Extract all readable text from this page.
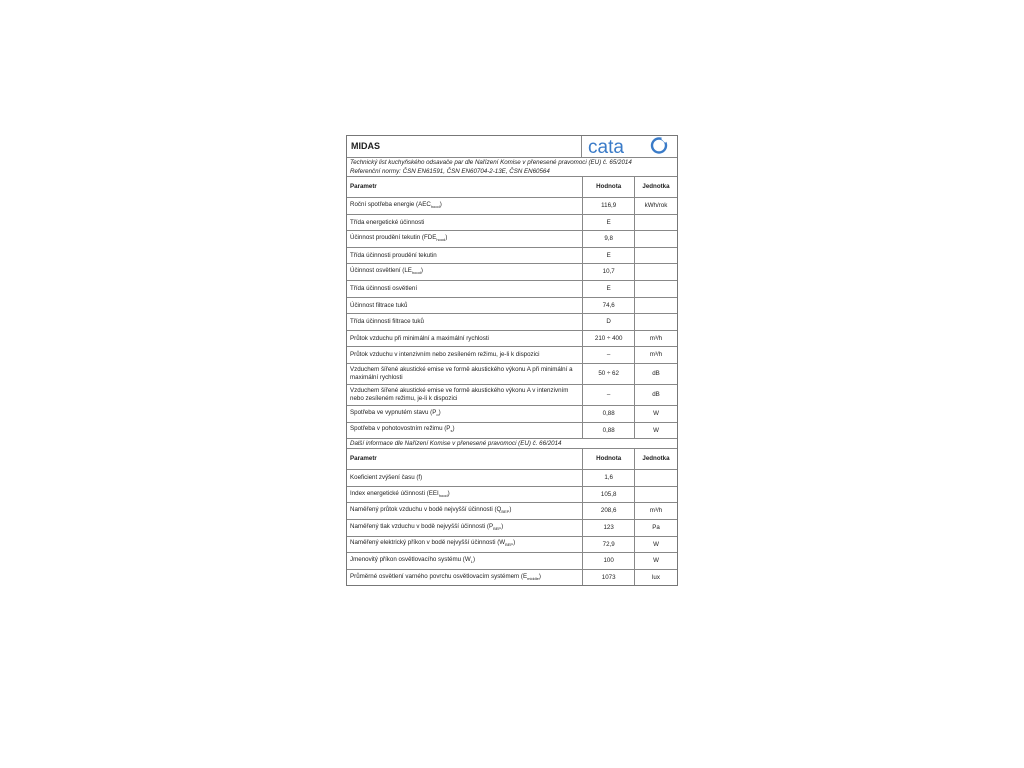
MIDAS	cata
Technický list kuchyňského odsavače par dle Nařízení Komise v přenesené pravomoci (EU) č. 65/2014
Referenční normy: ČSN EN61591, ČSN EN60704-2-13E, ČSN EN60564
Parametr	Hodnota	Jednotka
Roční spotřeba energie $(AEC_{hood})$	116,9	kWh/rok
Třída energetické účinnosti	E	
Účinnost proudění tekutin $(FDE_{hood})$	9,8	
Třída účinnosti proudění tekutin	E	
Účinnost osvětlení $(LE_{hood})$	10,7	
Třída účinnosti osvětlení	E	
Účinnost filtrace tuků	74,6	
Třída účinnosti filtrace tuků	D	
Průtok vzduchu při minimální a maximální rychlosti	210 ÷ 400	m³/h
Průtok vzduchu v intenzivním nebo zesíleném režimu, je-li k dispozici	–	m³/h
Vzduchem šířené akustické emise ve formě akustického výkonu A při minimální a maximální rychlosti	50 ÷ 62	dB
Vzduchem šířené akustické emise ve formě akustického výkonu A v intenzivním nebo zesíleném režimu, je-li k dispozici	–	dB
Spotřeba ve vypnutém stavu $(P_o)$	0,88	W
Spotřeba v pohotovostním režimu $(P_s)$	0,88	W
Další informace dle Nařízení Komise v přenesené pravomoci (EU) č. 66/2014
Parametr	Hodnota	Jednotka
Koeficient zvýšení času (f)	1,6	
Index energetické účinnosti $(EEI_{hood})$	105,8	
Naměřený průtok vzduchu v bodě nejvyšší účinnosti $(Q_{BEP})$	208,6	m³/h
Naměřený tlak vzduchu v bodě nejvyšší účinnosti $(P_{BEP})$	123	Pa
Naměřený elektrický příkon v bodě nejvyšší účinnosti $(W_{BEP})$	72,9	W
Jmenovitý příkon osvětlovacího systému $(W_L)$	100	W
Průměrné osvětlení varného povrchu osvětlovacím systémem $(E_{middle})$	1073	lux
